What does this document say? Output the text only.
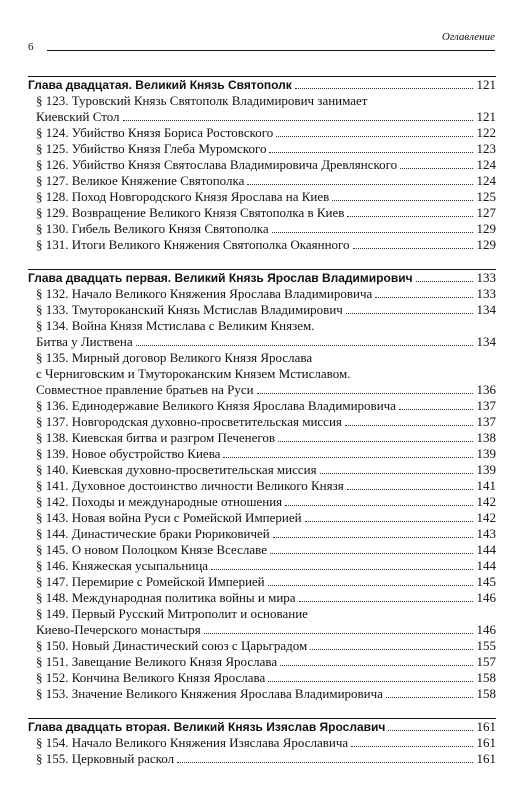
6
Оглавление
Глава двадцатая. Великий Князь Святополк	121
§ 123.
Туровский Князь Святополк Владимирович занимает
Киевский Стол	121
§ 124.
Убийство Князя Бориса Ростовского	122
§ 125.
Убийство Князя Глеба Муромского	123
§ 126.
Убийство Князя Святослава Владимировича Древлянского	124
§ 127.
Великое Княжение Святополка	124
§ 128.
Поход Новгородского Князя Ярослава на Киев	125
§ 129.
Возвращение Великого Князя Святополка в Киев	127
§ 130.
Гибель Великого Князя Святополка	129
§ 131.
Итоги Великого Княжения Святополка Окаянного	129
Глава двадцать первая. Великий Князь Ярослав Владимирович	133
§ 132.
Начало Великого Княжения Ярослава Владимировича	133
§ 133.
Тмутороканский Князь Мстислав Владимирович	134
§ 134.
Война Князя Мстислава с Великим Князем.
Битва у Листвена	134
§ 135.
Мирный договор Великого Князя Ярослава
с Черниговским и Тмутороканским Князем Мстиславом.
Совместное правление братьев на Руси	136
§ 136.
Единодержавие Великого Князя Ярослава Владимировича	137
§ 137.
Новгородская духовно-просветительская миссия	137
§ 138.
Киевская битва и разгром Печенегов	138
§ 139.
Новое обустройство Киева	139
§ 140.
Киевская духовно-просветительская миссия	139
§ 141.
Духовное достоинство личности Великого Князя	141
§ 142.
Походы и международные отношения	142
§ 143.
Новая война Руси с Ромейской Империей	142
§ 144.
Династические браки Рюриковичей	143
§ 145.
О новом Полоцком Князе Всеславе	144
§ 146.
Княжеская усыпальница	144
§ 147.
Перемирие с Ромейской Империей	145
§ 148.
Международная политика войны и мира	146
§ 149.
Первый Русский Митрополит и основание
Киево-Печерского монастыря	146
§ 150.
Новый Династический союз с Царьградом	155
§ 151.
Завещание Великого Князя Ярослава	157
§ 152.
Кончина Великого Князя Ярослава	158
§ 153.
Значение Великого Княжения Ярослава Владимировича	158
Глава двадцать вторая. Великий Князь Изяслав Ярославич	161
§ 154.
Начало Великого Княжения Изяслава Ярославича	161
§ 155.
Церковный раскол	161
